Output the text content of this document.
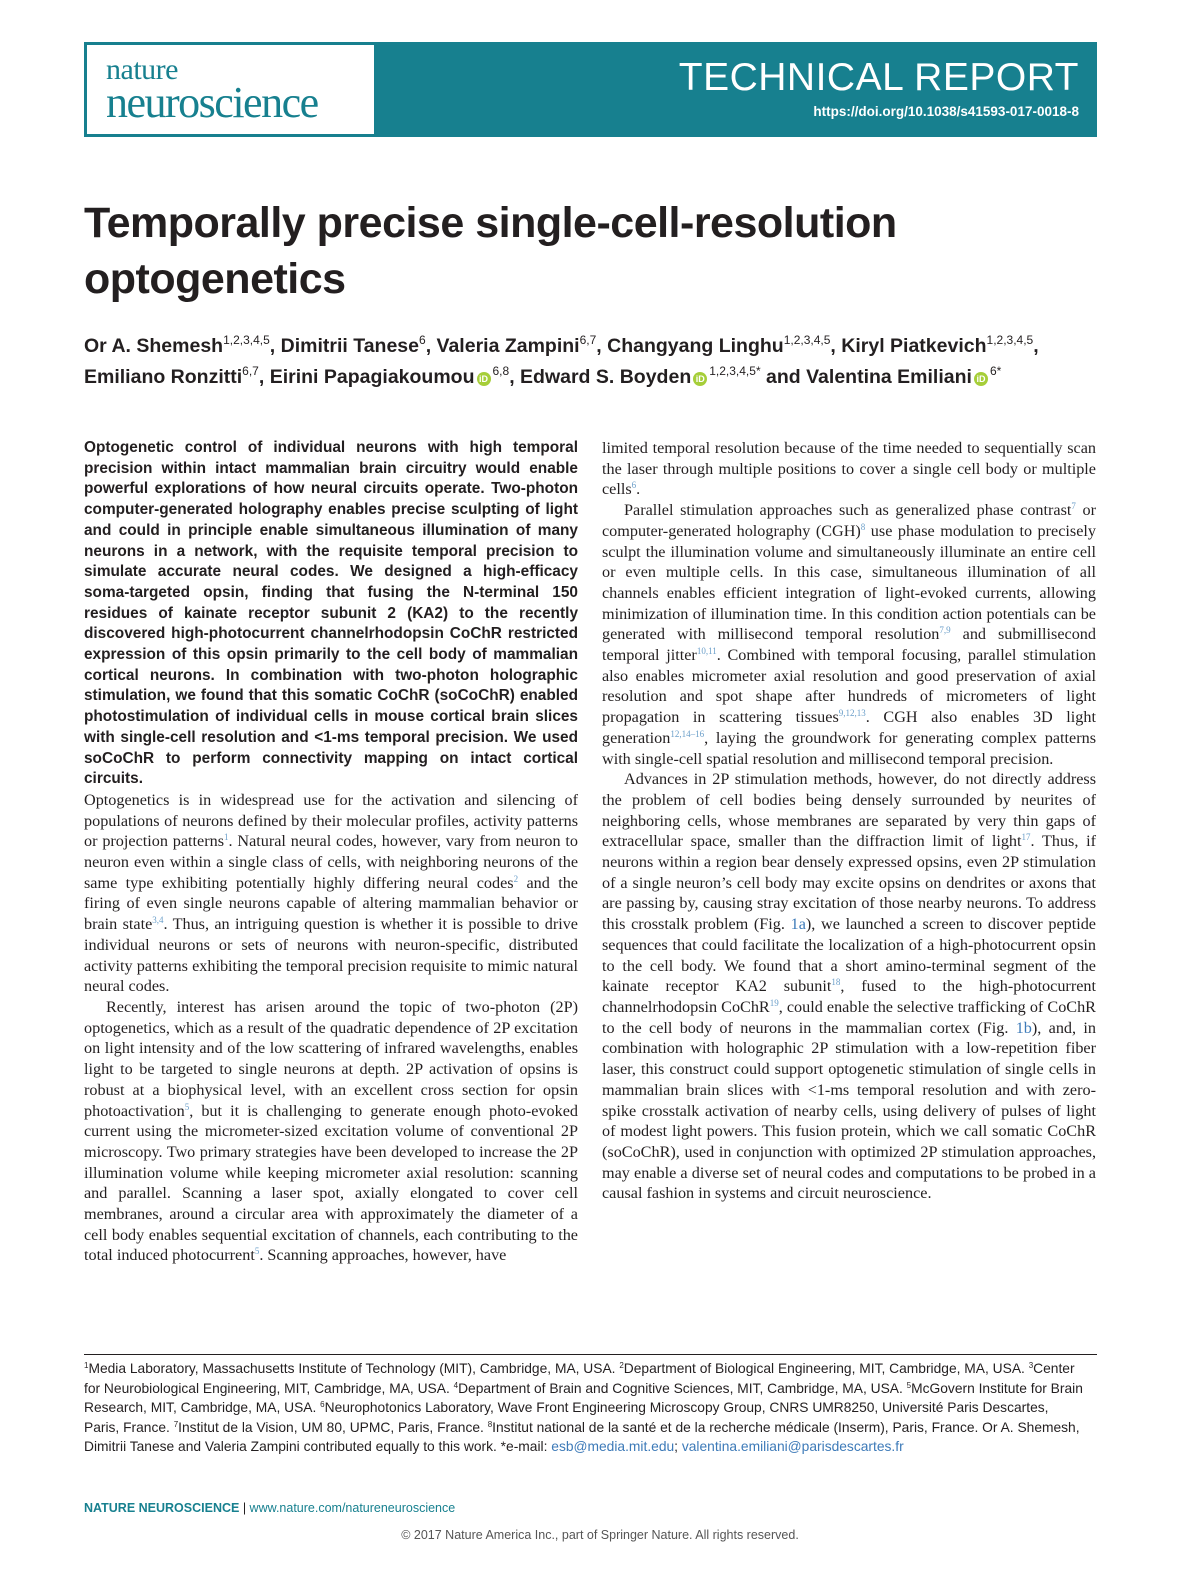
nature
neuroscience
TECHNICAL REPORT
https://doi.org/10.1038/s41593-017-0018-8
Temporally precise single-cell-resolution optogenetics
Or A. Shemesh$^{1,2,3,4,5}$, Dimitrii Tanese$^6$, Valeria Zampini$^{6,7}$, Changyang Linghu$^{1,2,3,4,5}$, Kiryl Piatkevich$^{1,2,3,4,5}$, Emiliano Ronzitti$^{6,7}$, Eirini Papagiakoumou iD$^{6,8}$, Edward S. Boyden $iD^{1,2,3,4,5*}$ and Valentina Emiliani $iD^{6*}$

Optogenetic control of individual neurons with high temporal precision within intact mammalian brain circuitry would enable powerful explorations of how neural circuits operate. Two-photon computer-generated holography enables precise sculpting of light and could in principle enable simultaneous illumination of many neurons in a network, with the requisite temporal precision to simulate accurate neural codes. We designed a high-efficacy soma-targeted opsin, finding that fusing the N-terminal 150 residues of kainate receptor subunit 2 (KA2) to the recently discovered high-photocurrent channelrhodopsin CoChR restricted expression of this opsin primarily to the cell body of mammalian cortical neurons. In combination with two-photon holographic stimulation, we found that this somatic CoChR (soCoChR) enabled photostimulation of individual cells in mouse cortical brain slices with single-cell resolution and <1-ms temporal precision. We used soCoChR to perform connectivity mapping on intact cortical circuits.

Optogenetics is in widespread use for the activation and silencing of populations of neurons defined by their molecular profiles, activity patterns or projection patterns$^1$. Natural neural codes, however, vary from neuron to neuron even within a single class of cells, with neighboring neurons of the same type exhibiting potentially highly differing neural codes$^2$ and the firing of even single neurons capable of altering mammalian behavior or brain state$^{3,4}$. Thus, an intriguing question is whether it is possible to drive individual neurons or sets of neurons with neuron-specific, distributed activity patterns exhibiting the temporal precision requisite to mimic natural neural codes.

Recently, interest has arisen around the topic of two-photon (2P) optogenetics, which as a result of the quadratic dependence of 2P excitation on light intensity and of the low scattering of infrared wavelengths, enables light to be targeted to single neurons at depth. 2P activation of opsins is robust at a biophysical level, with an excellent cross section for opsin photoactivation$^5$, but it is challenging to generate enough photo-evoked current using the micrometer-sized excitation volume of conventional 2P microscopy. Two primary strategies have been developed to increase the 2P illumination volume while keeping micrometer axial resolution: scanning and parallel. Scanning a laser spot, axially elongated to cover cell membranes, around a circular area with approximately the diameter of a cell body enables sequential excitation of channels, each contributing to the total induced photocurrent$^5$. Scanning approaches, however, have

limited temporal resolution because of the time needed to sequentially scan the laser through multiple positions to cover a single cell body or multiple cells$^6$.

Parallel stimulation approaches such as generalized phase contrast$^7$ or computer-generated holography (CGH)$^8$ use phase modulation to precisely sculpt the illumination volume and simultaneously illuminate an entire cell or even multiple cells. In this case, simultaneous illumination of all channels enables efficient integration of light-evoked currents, allowing minimization of illumination time. In this condition action potentials can be generated with millisecond temporal resolution$^{7,9}$ and submillisecond temporal jitter$^{10,11}$. Combined with temporal focusing, parallel stimulation also enables micrometer axial resolution and good preservation of axial resolution and spot shape after hundreds of micrometers of light propagation in scattering tissues$^{9,12,13}$. CGH also enables 3D light generation$^{12,14-16}$, laying the groundwork for generating complex patterns with single-cell spatial resolution and millisecond temporal precision.

Advances in 2P stimulation methods, however, do not directly address the problem of cell bodies being densely surrounded by neurites of neighboring cells, whose membranes are separated by very thin gaps of extracellular space, smaller than the diffraction limit of light$^{17}$. Thus, if neurons within a region bear densely expressed opsins, even 2P stimulation of a single neuron’s cell body may excite opsins on dendrites or axons that are passing by, causing stray excitation of those nearby neurons. To address this crosstalk problem (Fig. 1a), we launched a screen to discover peptide sequences that could facilitate the localization of a high-photocurrent opsin to the cell body. We found that a short amino-terminal segment of the kainate receptor KA2 subunit$^{18}$, fused to the high-photocurrent channelrhodopsin CoChR$^{19}$, could enable the selective trafficking of CoChR to the cell body of neurons in the mammalian cortex (Fig. 1b), and, in combination with holographic 2P stimulation with a low-repetition fiber laser, this construct could support optogenetic stimulation of single cells in mammalian brain slices with <1-ms temporal resolution and with zero-spike crosstalk activation of nearby cells, using delivery of pulses of light of modest light powers. This fusion protein, which we call somatic CoChR (soCoChR), used in conjunction with optimized 2P stimulation approaches, may enable a diverse set of neural codes and computations to be probed in a causal fashion in systems and circuit neuroscience.

$^1$Media Laboratory, Massachusetts Institute of Technology (MIT), Cambridge, MA, USA. $^2$Department of Biological Engineering, MIT, Cambridge, MA, USA. $^3$Center for Neurobiological Engineering, MIT, Cambridge, MA, USA. $^4$Department of Brain and Cognitive Sciences, MIT, Cambridge, MA, USA. $^5$McGovern Institute for Brain Research, MIT, Cambridge, MA, USA. $^6$Neurophotonics Laboratory, Wave Front Engineering Microscopy Group, CNRS UMR8250, Université Paris Descartes, Paris, France. $^7$Institut de la Vision, UM 80, UPMC, Paris, France. $^8$Institut national de la santé et de la recherche médicale (Inserm), Paris, France. Or A. Shemesh, Dimitrii Tanese and Valeria Zampini contributed equally to this work. *e-mail: esb@media.mit.edu; valentina.emiliani@parisdescartes.fr

NATURE NEUROSCIENCE | www.nature.com/natureneuroscience
© 2017 Nature America Inc., part of Springer Nature. All rights reserved.
